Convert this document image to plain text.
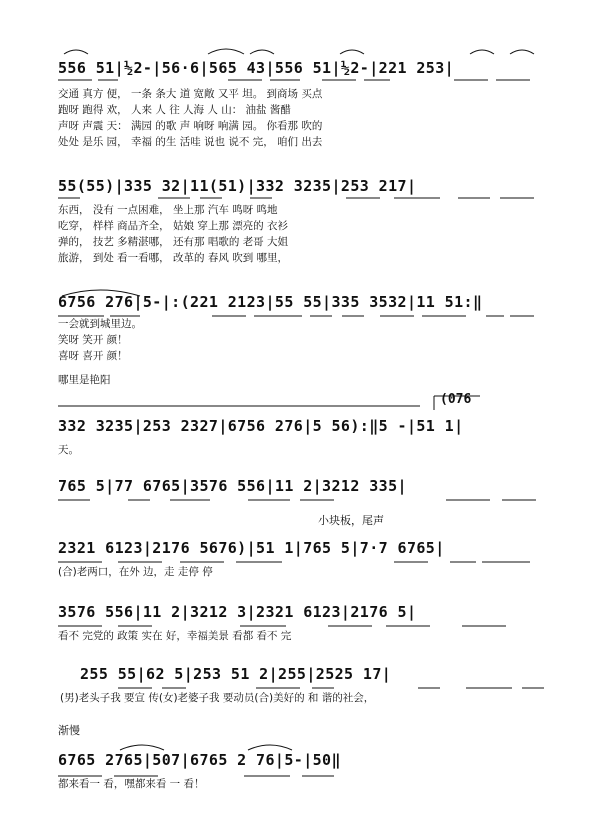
556 51|½2-|56·6|565 43|556 51|½2-|221 253|
交通 真方 便， 一条 条大 道 宽敞 又平 坦。 到商场 买点
跑呀 跑得 欢， 人来 人 往 人海 人 山： 油盐 酱醋
声呀 声震 天： 满园 的歌 声 响呀 响满 园。 你看那 吹的
处处 是乐 园， 幸福 的生 活哇 说也 说不 完， 咱们 出去
55(55)|335 32|11(51)|332 3235|253 217|
东西， 没有 一点困难， 坐上那 汽车 鸣呀 鸣地
吃穿， 样样 商品齐全， 姑娘 穿上那 漂亮的 衣衫
弹的， 技艺 多精湛哪， 还有那 唱歌的 老哥 大姐
旅游， 到处 看一看哪， 改革的 春风 吹到 哪里，
6756 276|5-|:(221 2123|55 55|335 3532|11 51:‖
一会就到城里边。
笑呀 笑开 颜！
喜呀 喜开 颜！
哪里是艳阳
(076
332 3235|253 2327|6756 276|5 56):‖5 -|51 1|
天。
765 5|77 6765|3576 556|11 2|3212 335|
小块板，尾声
2321 6123|2176 5676)|51 1|765 5|7·7 6765|
(合)老两口，在外 边，走 走停 停
3576 556|11 2|3212 3|2321 6123|2176 5|
看不 完党的 政策 实在 好，幸福美景 看都 看不 完
255 55|62 5|253 51 2|255|2525 17|
(男)老头子我 要宣 传(女)老婆子我 要动员(合)美好的 和 谐的社会，
渐慢
6765 2765|507|6765 2 76|5-|50‖
都来看一 看，嘿都来看 一 看！
